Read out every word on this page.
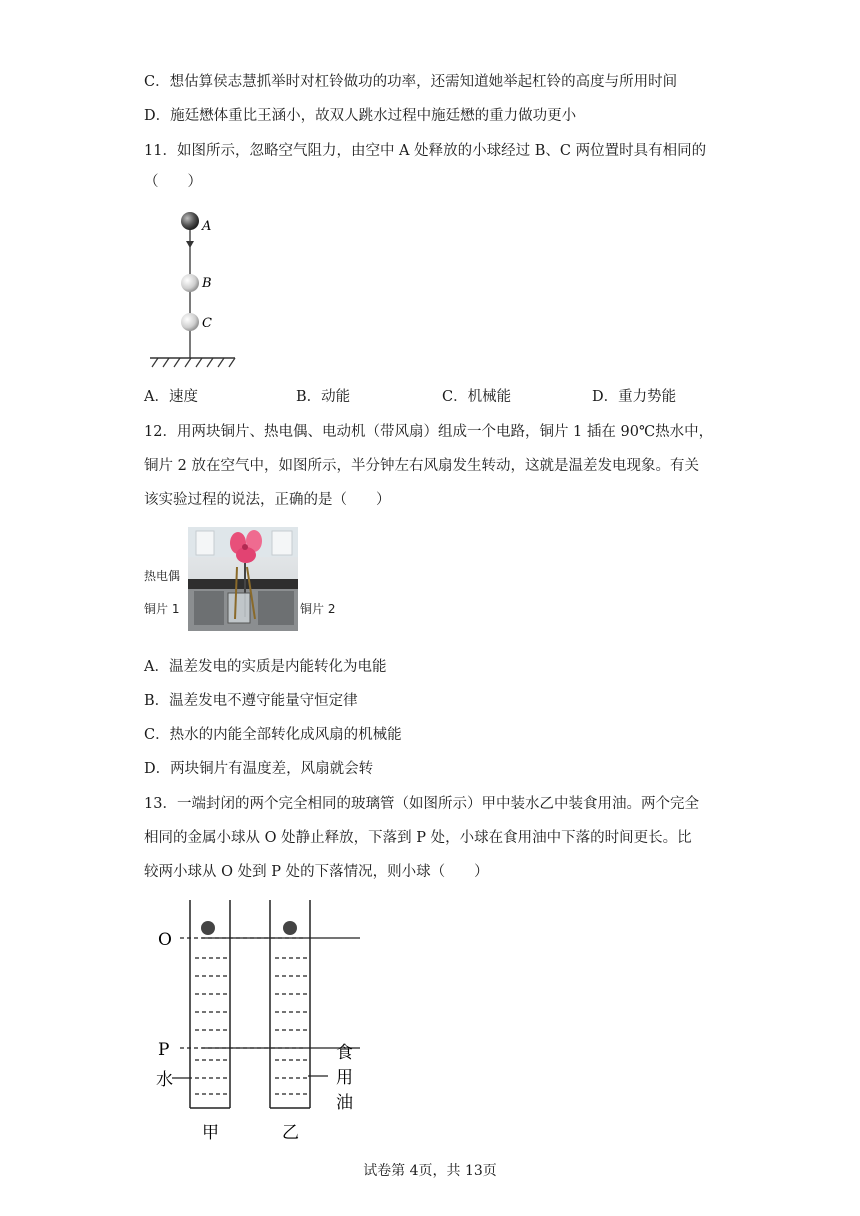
C．想估算侯志慧抓举时对杠铃做功的功率，还需知道她举起杠铃的高度与所用时间
D．施廷懋体重比王涵小，故双人跳水过程中施廷懋的重力做功更小
11．如图所示，忽略空气阻力，由空中 A 处释放的小球经过 B、C 两位置时具有相同的
（　　）
A
B
C
A．速度	B．动能	C．机械能	D．重力势能
12．用两块铜片、热电偶、电动机（带风扇）组成一个电路，铜片 1 插在 90℃热水中，
铜片 2 放在空气中，如图所示，半分钟左右风扇发生转动，这就是温差发电现象。有关
该实验过程的说法，正确的是（　　）
热电偶
铜片 1	铜片 2
A．温差发电的实质是内能转化为电能
B．温差发电不遵守能量守恒定律
C．热水的内能全部转化成风扇的机械能
D．两块铜片有温度差，风扇就会转
13．一端封闭的两个完全相同的玻璃管（如图所示）甲中装水乙中装食用油。两个完全
相同的金属小球从 O 处静止释放，下落到 P 处，小球在食用油中下落的时间更长。比
较两小球从 O 处到 P 处的下落情况，则小球（　　）
O
P
水
食
用
油
甲	乙
试卷第 4页，共 13页
